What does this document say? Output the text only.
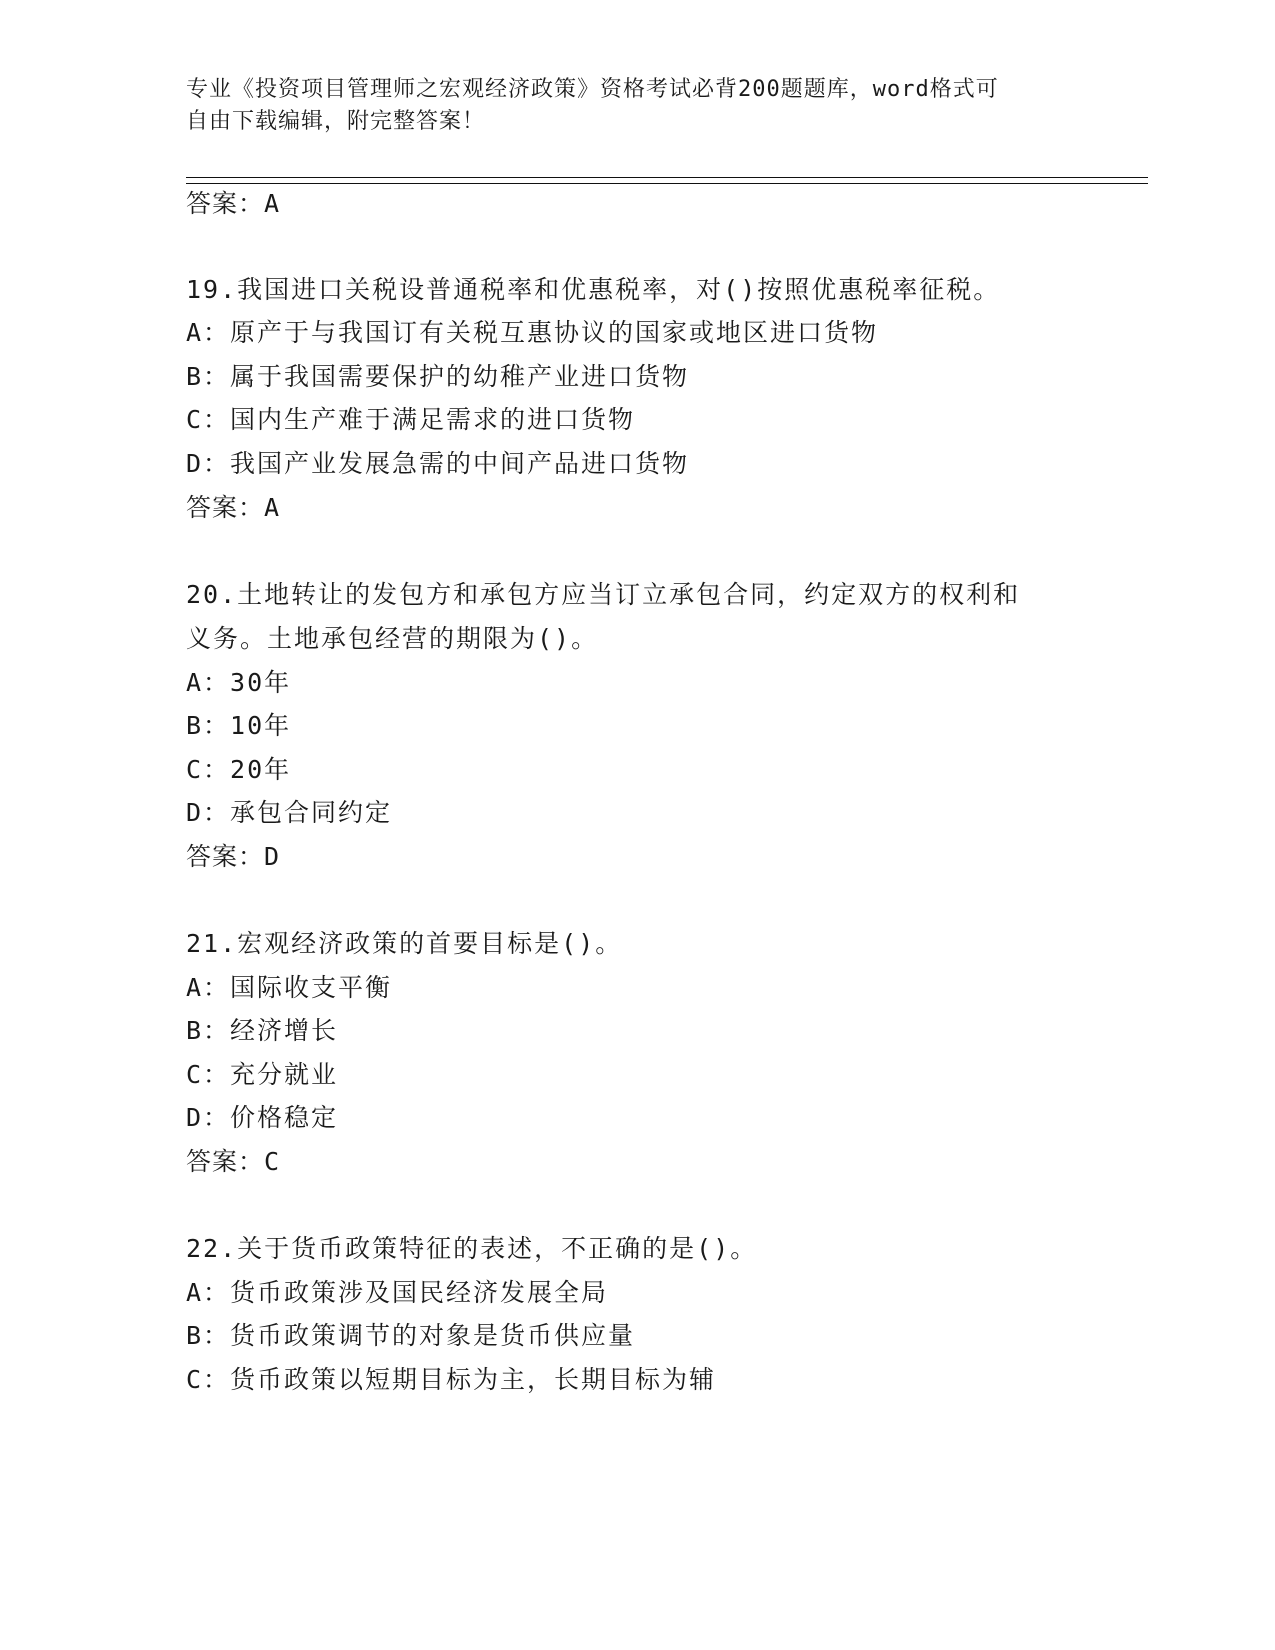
专业《投资项目管理师之宏观经济政策》资格考试必背200题题库，word格式可
自由下载编辑，附完整答案！
答案：A
19.我国进口关税设普通税率和优惠税率，对()按照优惠税率征税。
A：原产于与我国订有关税互惠协议的国家或地区进口货物
B：属于我国需要保护的幼稚产业进口货物
C：国内生产难于满足需求的进口货物
D：我国产业发展急需的中间产品进口货物
答案：A
20.土地转让的发包方和承包方应当订立承包合同，约定双方的权利和
义务。土地承包经营的期限为()。
A：30年
B：10年
C：20年
D：承包合同约定
答案：D
21.宏观经济政策的首要目标是()。
A：国际收支平衡
B：经济增长
C：充分就业
D：价格稳定
答案：C
22.关于货币政策特征的表述，不正确的是()。
A：货币政策涉及国民经济发展全局
B：货币政策调节的对象是货币供应量
C：货币政策以短期目标为主，长期目标为辅
